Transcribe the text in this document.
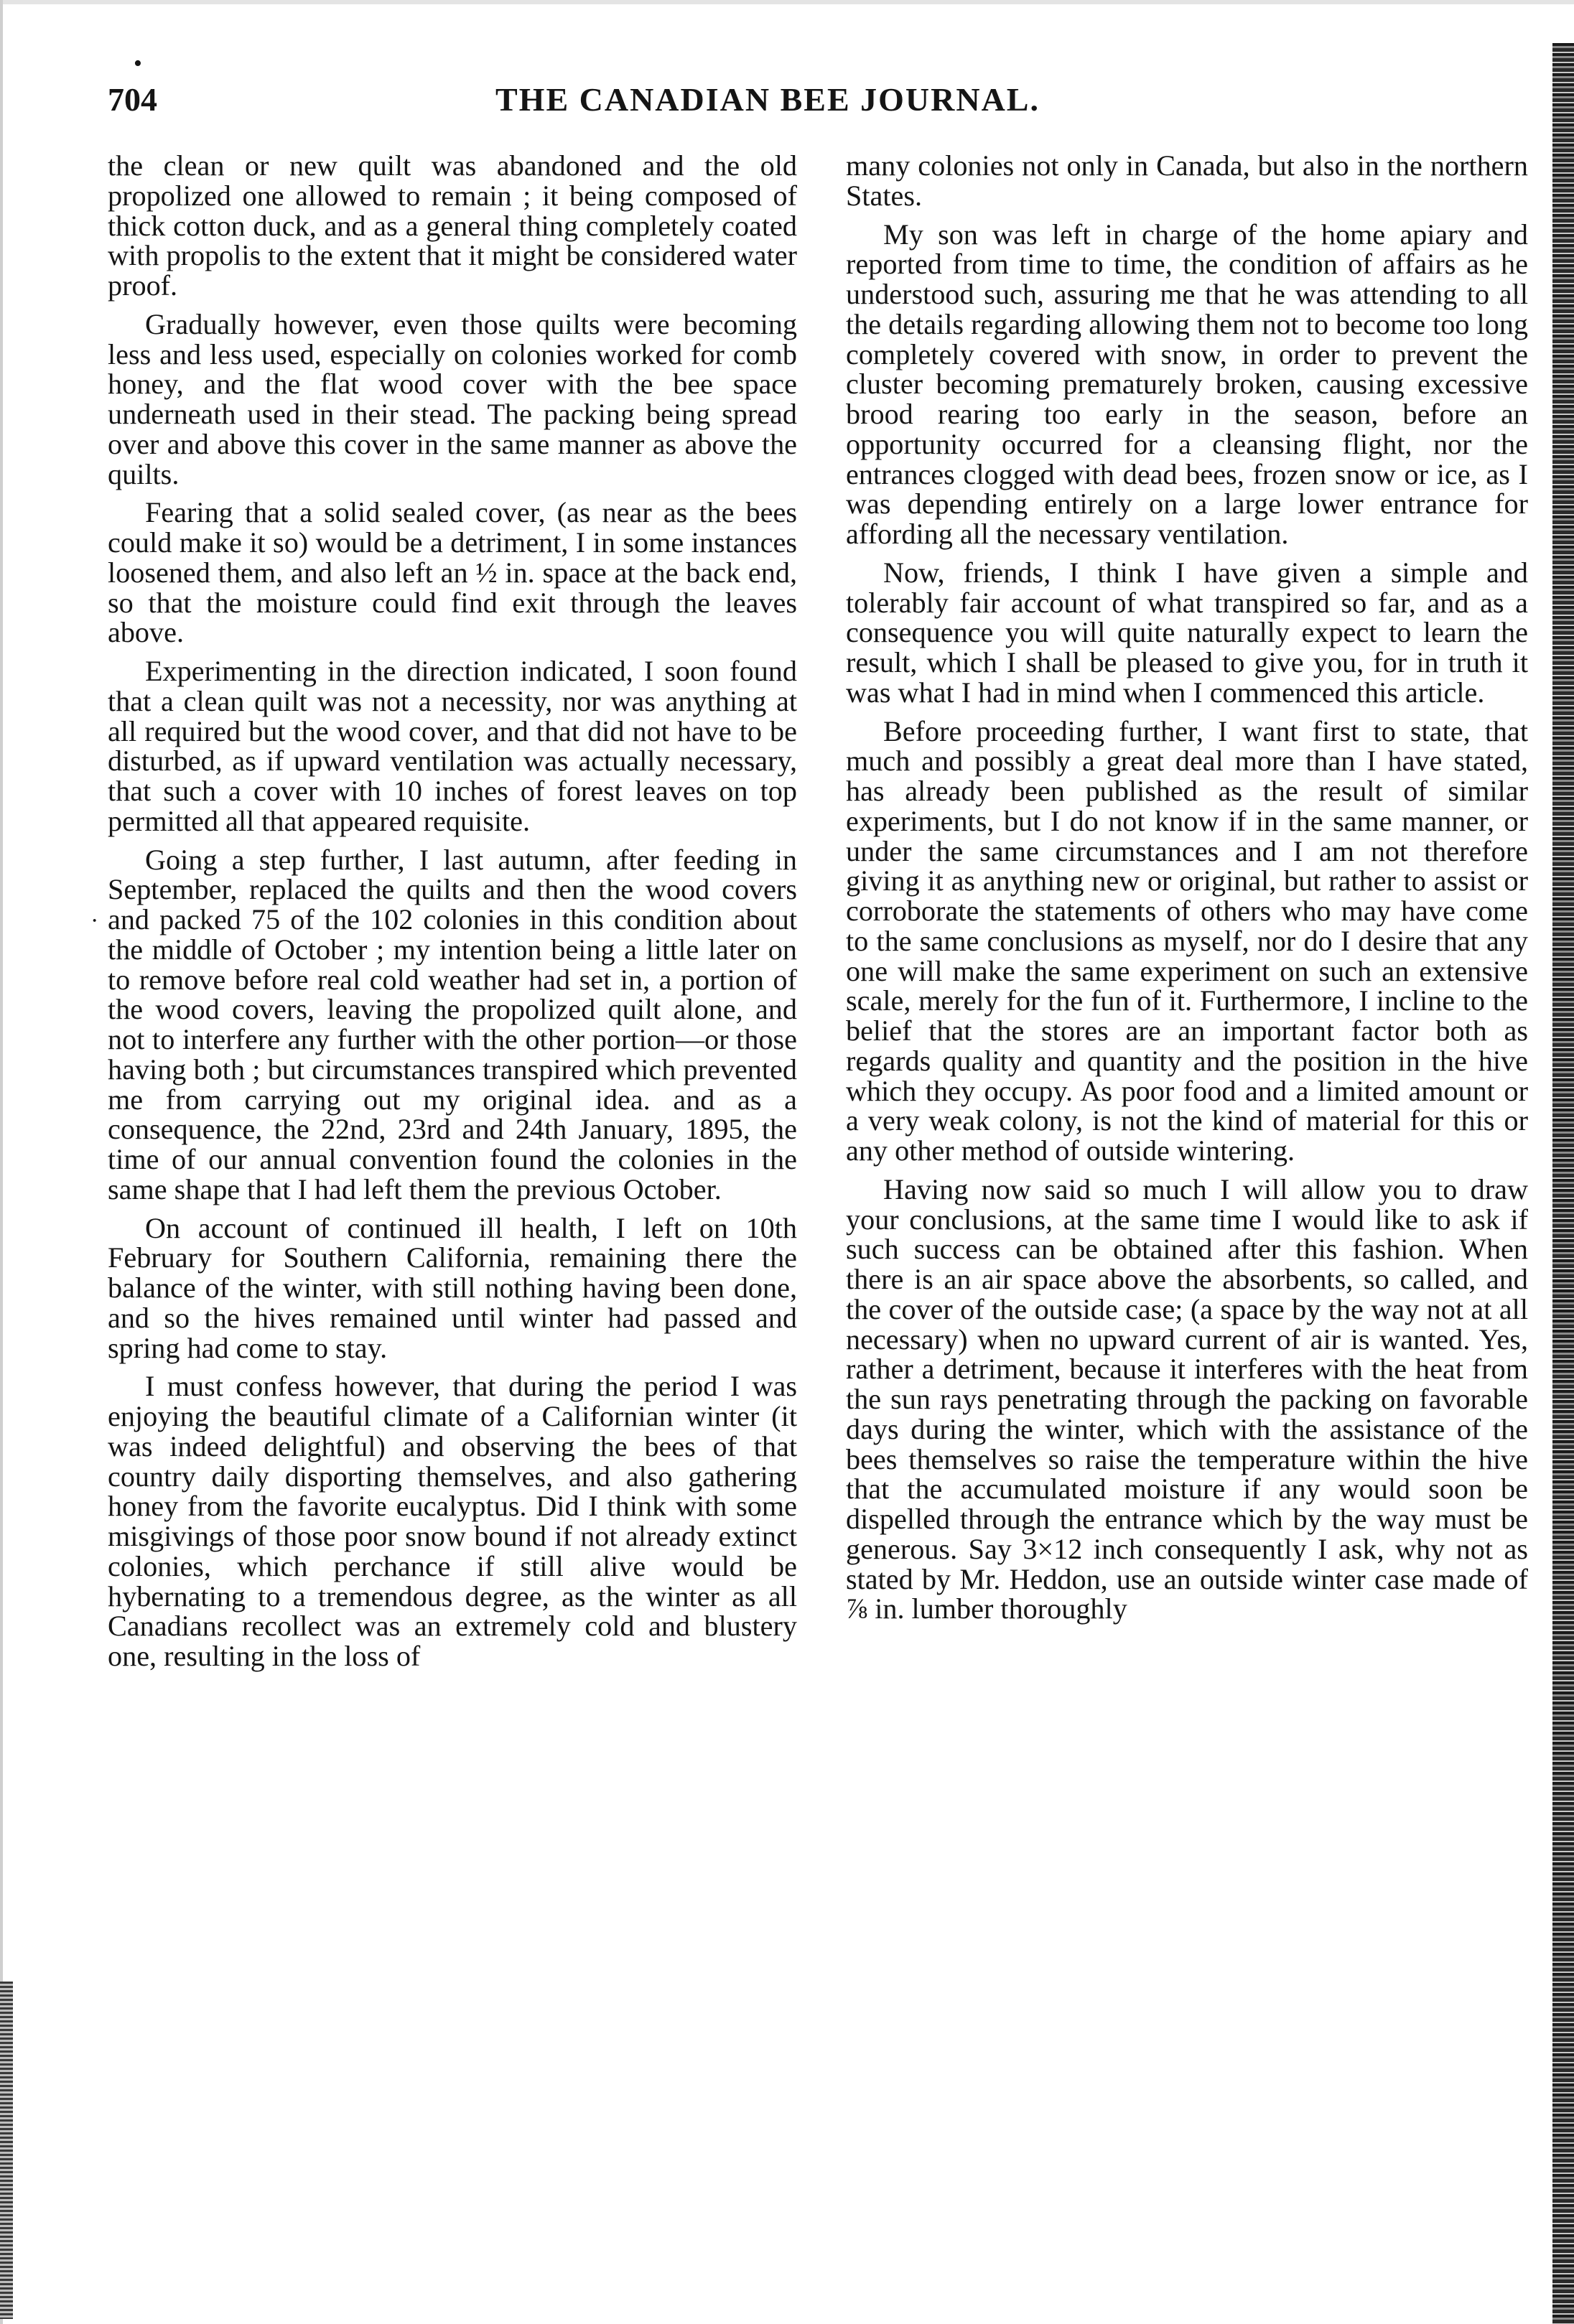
•
·
704	THE CANADIAN BEE JOURNAL.

the clean or new quilt was abandoned and the old propolized one allowed to remain ; it being composed of thick cotton duck, and as a general thing completely coated with propolis to the extent that it might be considered water proof.

Gradually however, even those quilts were becoming less and less used, especially on colonies worked for comb honey, and the flat wood cover with the bee space underneath used in their stead. The packing being spread over and above this cover in the same manner as above the quilts.

Fearing that a solid sealed cover, (as near as the bees could make it so) would be a detriment, I in some instances loosened them, and also left an ½ in. space at the back end, so that the moisture could find exit through the leaves above.

Experimenting in the direction indicated, I soon found that a clean quilt was not a necessity, nor was anything at all required but the wood cover, and that did not have to be disturbed, as if upward ventilation was actually necessary, that such a cover with 10 inches of forest leaves on top permitted all that appeared requisite.

Going a step further, I last autumn, after feeding in September, replaced the quilts and then the wood covers and packed 75 of the 102 colonies in this condition about the middle of October ; my intention being a little later on to remove before real cold weather had set in, a portion of the wood covers, leaving the propolized quilt alone, and not to interfere any further with the other portion—or those having both ; but circumstances transpired which prevented me from carrying out my original idea. and as a consequence, the 22nd, 23rd and 24th January, 1895, the time of our annual convention found the colonies in the same shape that I had left them the previous October.

On account of continued ill health, I left on 10th February for Southern California, remaining there the balance of the winter, with still nothing having been done, and so the hives remained until winter had passed and spring had come to stay.

I must confess however, that during the period I was enjoying the beautiful climate of a Californian winter (it was indeed delightful) and observing the bees of that country daily disporting themselves, and also gathering honey from the favorite eucalyptus. Did I think with some misgivings of those poor snow bound if not already extinct colonies, which perchance if still alive would be hybernating to a tremendous degree, as the winter as all Canadians recollect was an extremely cold and blustery one, resulting in the loss of

many colonies not only in Canada, but also in the northern States.

My son was left in charge of the home apiary and reported from time to time, the condition of affairs as he understood such, assuring me that he was attending to all the details regarding allowing them not to become too long completely covered with snow, in order to prevent the cluster becoming prematurely broken, causing excessive brood rearing too early in the season, before an opportunity occurred for a cleansing flight, nor the entrances clogged with dead bees, frozen snow or ice, as I was depending entirely on a large lower entrance for affording all the necessary ventilation.

Now, friends, I think I have given a simple and tolerably fair account of what transpired so far, and as a consequence you will quite naturally expect to learn the result, which I shall be pleased to give you, for in truth it was what I had in mind when I commenced this article.

Before proceeding further, I want first to state, that much and possibly a great deal more than I have stated, has already been published as the result of similar experiments, but I do not know if in the same manner, or under the same circumstances and I am not therefore giving it as anything new or original, but rather to assist or corroborate the statements of others who may have come to the same conclusions as myself, nor do I desire that any one will make the same experiment on such an extensive scale, merely for the fun of it. Furthermore, I incline to the belief that the stores are an important factor both as regards quality and quantity and the position in the hive which they occupy. As poor food and a limited amount or a very weak colony, is not the kind of material for this or any other method of outside wintering.

Having now said so much I will allow you to draw your conclusions, at the same time I would like to ask if such success can be obtained after this fashion. When there is an air space above the absorbents, so called, and the cover of the outside case; (a space by the way not at all necessary) when no upward current of air is wanted. Yes, rather a detriment, because it interferes with the heat from the sun rays penetrating through the packing on favorable days during the winter, which with the assistance of the bees themselves so raise the temperature within the hive that the accumulated moisture if any would soon be dispelled through the entrance which by the way must be generous. Say 3×12 inch consequently I ask, why not as stated by Mr. Heddon, use an outside winter case made of ⅞ in. lumber thoroughly
